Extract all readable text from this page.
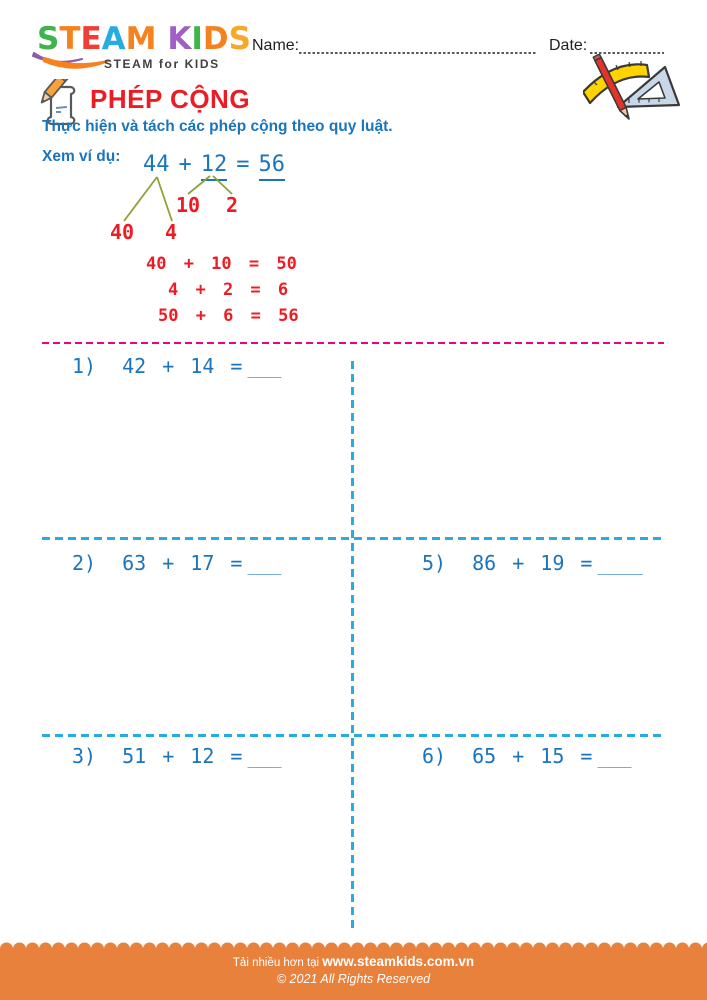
STEAM KIDS
STEAM for KIDS
Name:	Date:
PHÉP CỘNG
Thực hiện và tách các phép cộng theo quy luật.
Xem ví dụ: 44 + 12 = 56
40 4
10 2
40 + 10 = 50
4 + 2 = 6
50 + 6 = 56
1) 42 + 14 = ___
2) 63 + 17 = ___
3) 51 + 12 = ___
5) 86 + 19 = ____
6) 65 + 15 = ___
Tải nhiều hơn tại www.steamkids.com.vn
© 2021 All Rights Reserved
